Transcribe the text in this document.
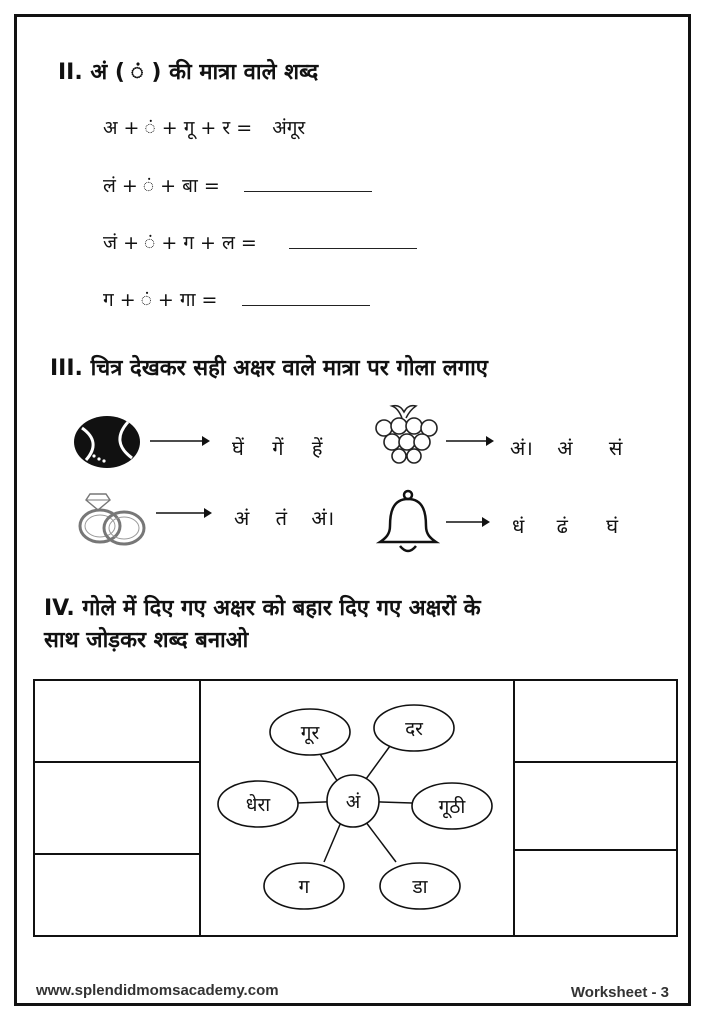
II. अं ( ं ) की मात्रा वाले शब्द
अ + ं + गू + र = अंगूर
लं + ं + बा =
जं + ं + ग + ल =
ग + ं + गा =
III. चित्र देखकर सही अक्षर वाले मात्रा पर गोला लगाए
घें गें हें	अं। अं सं
अं तं अं।	धं ढं घं
IV. गोले में दिए गए अक्षर को बहार दिए गए अक्षरों के
साथ जोड़कर शब्द बनाओ
गूर	दर
धेरा	गूठी
ग	डा
अं
www.splendidmomsacademy.com	Worksheet - 3
